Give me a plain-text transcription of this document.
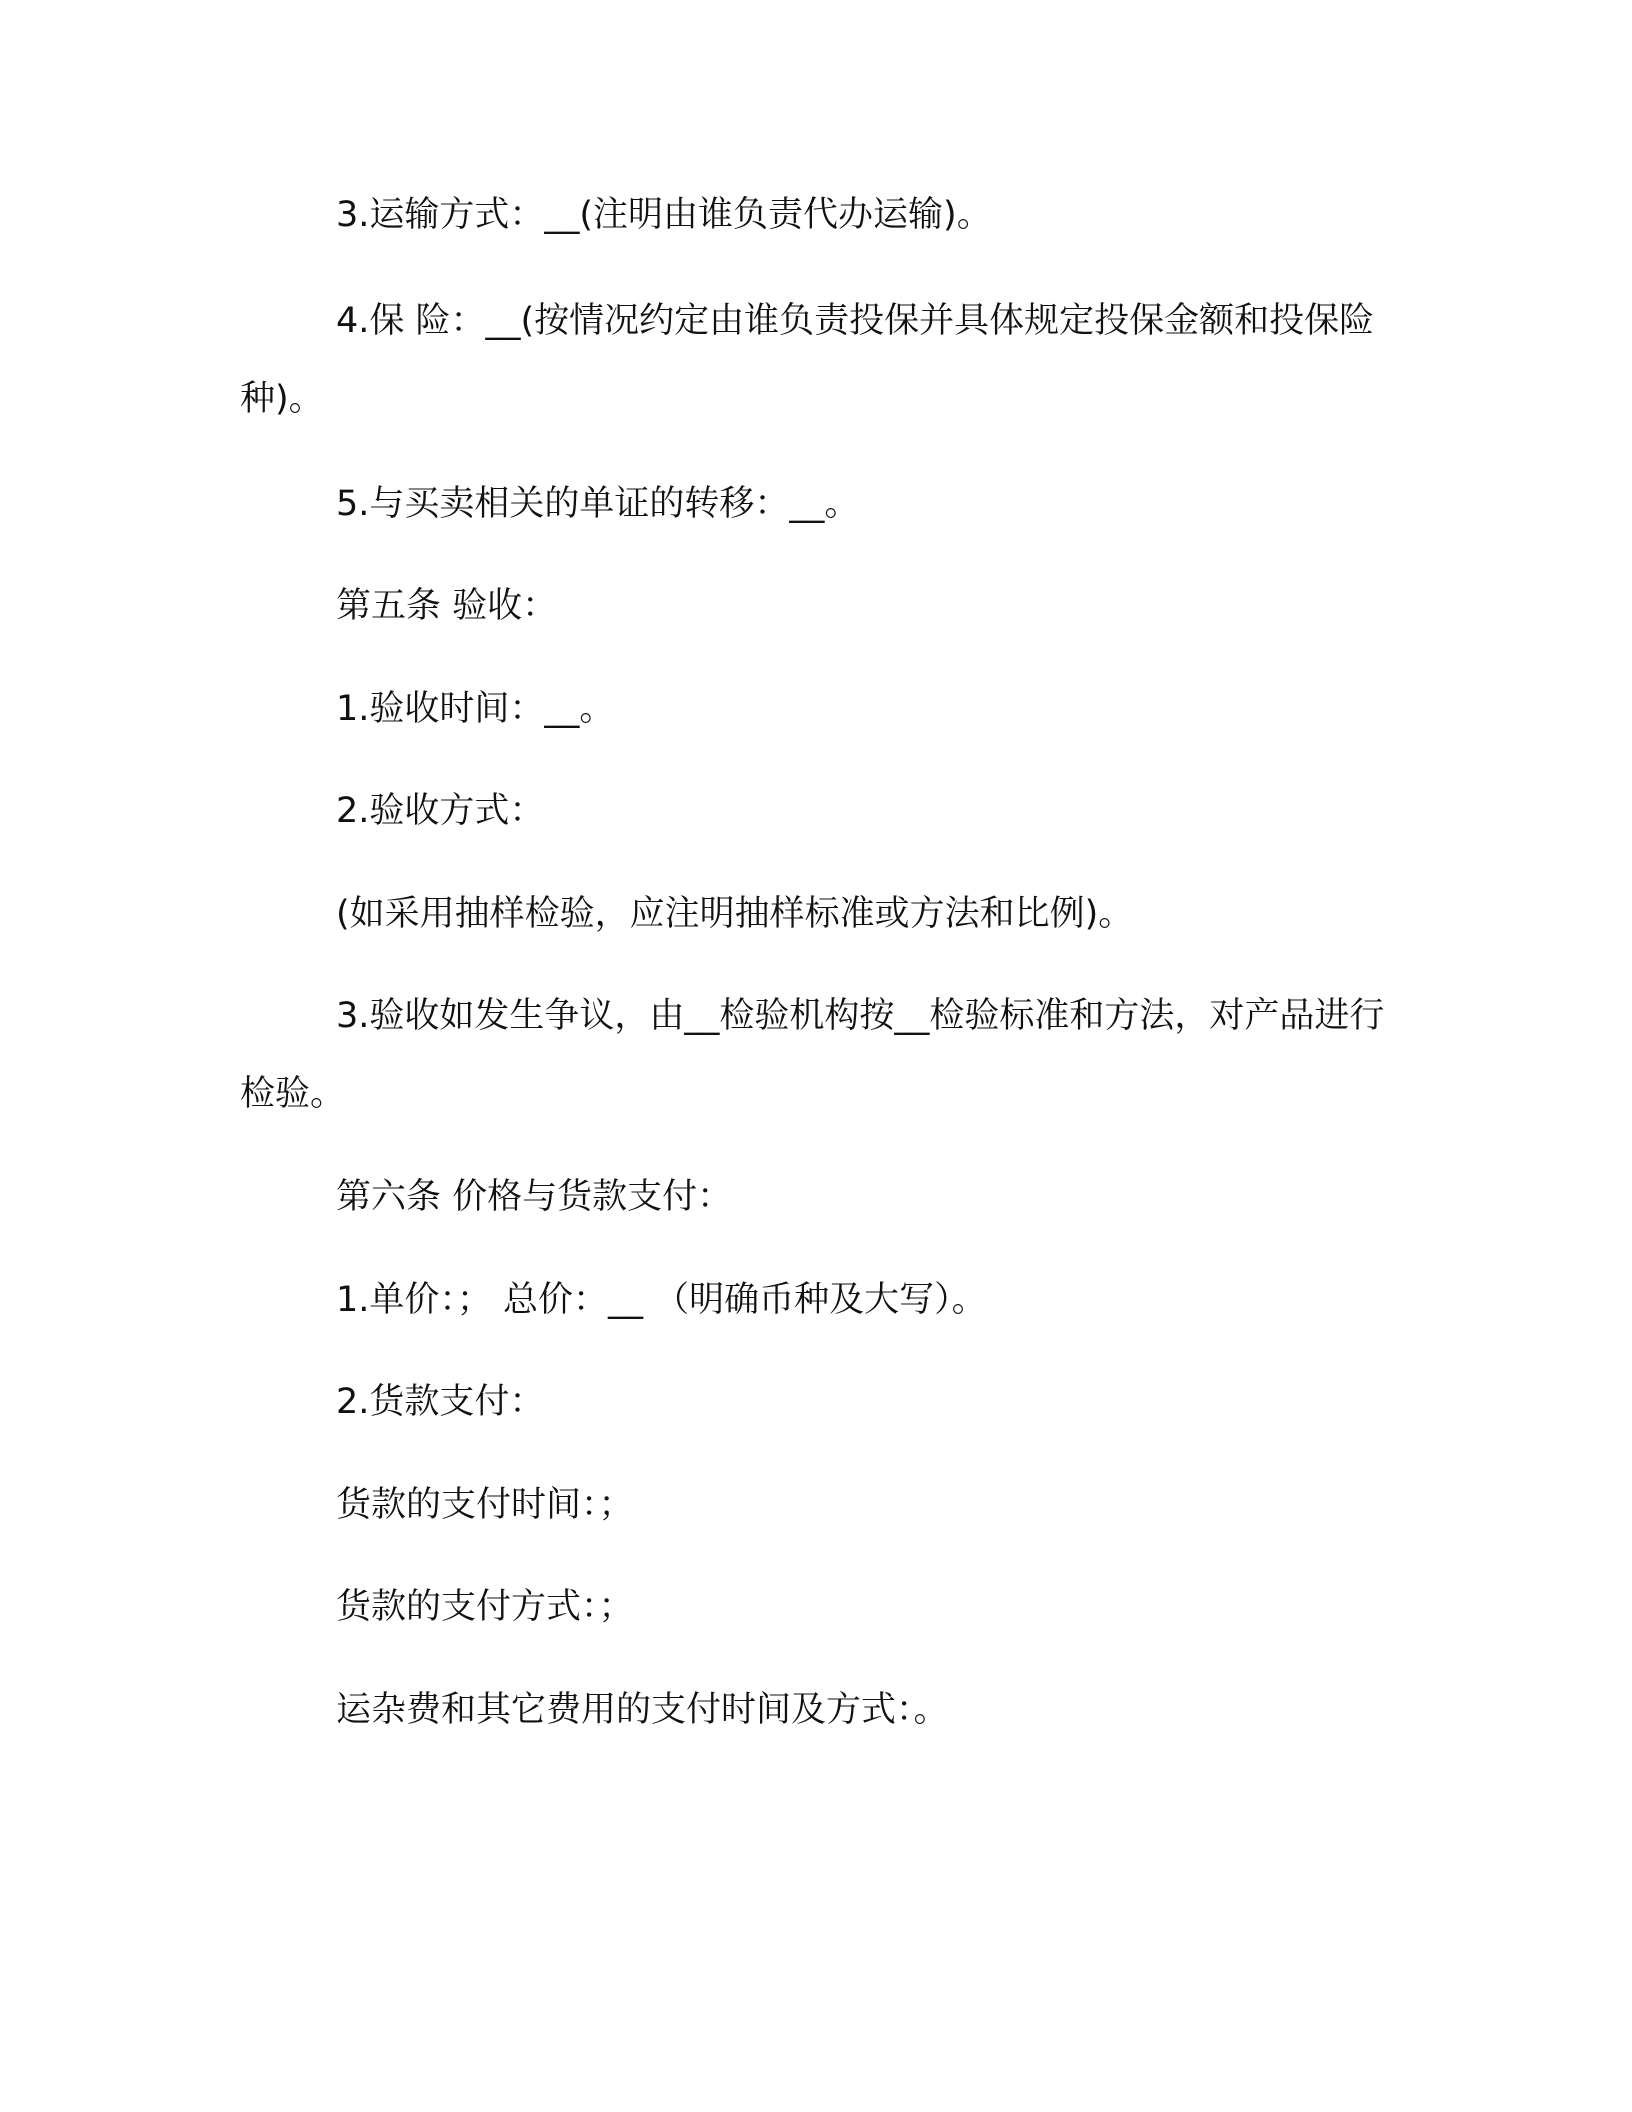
3.运输方式：__(注明由谁负责代办运输)。

4.保 险：__(按情况约定由谁负责投保并具体规定投保金额和投保险种)。

5.与买卖相关的单证的转移：__。

第五条 验收：

1.验收时间：__。

2.验收方式：

(如采用抽样检验，应注明抽样标准或方法和比例)。

3.验收如发生争议，由__检验机构按__检验标准和方法，对产品进行检验。

第六条 价格与货款支付：

1.单价：； 总价：__ （明确币种及大写）。

2.货款支付：

货款的支付时间：；

货款的支付方式：；

运杂费和其它费用的支付时间及方式：。
